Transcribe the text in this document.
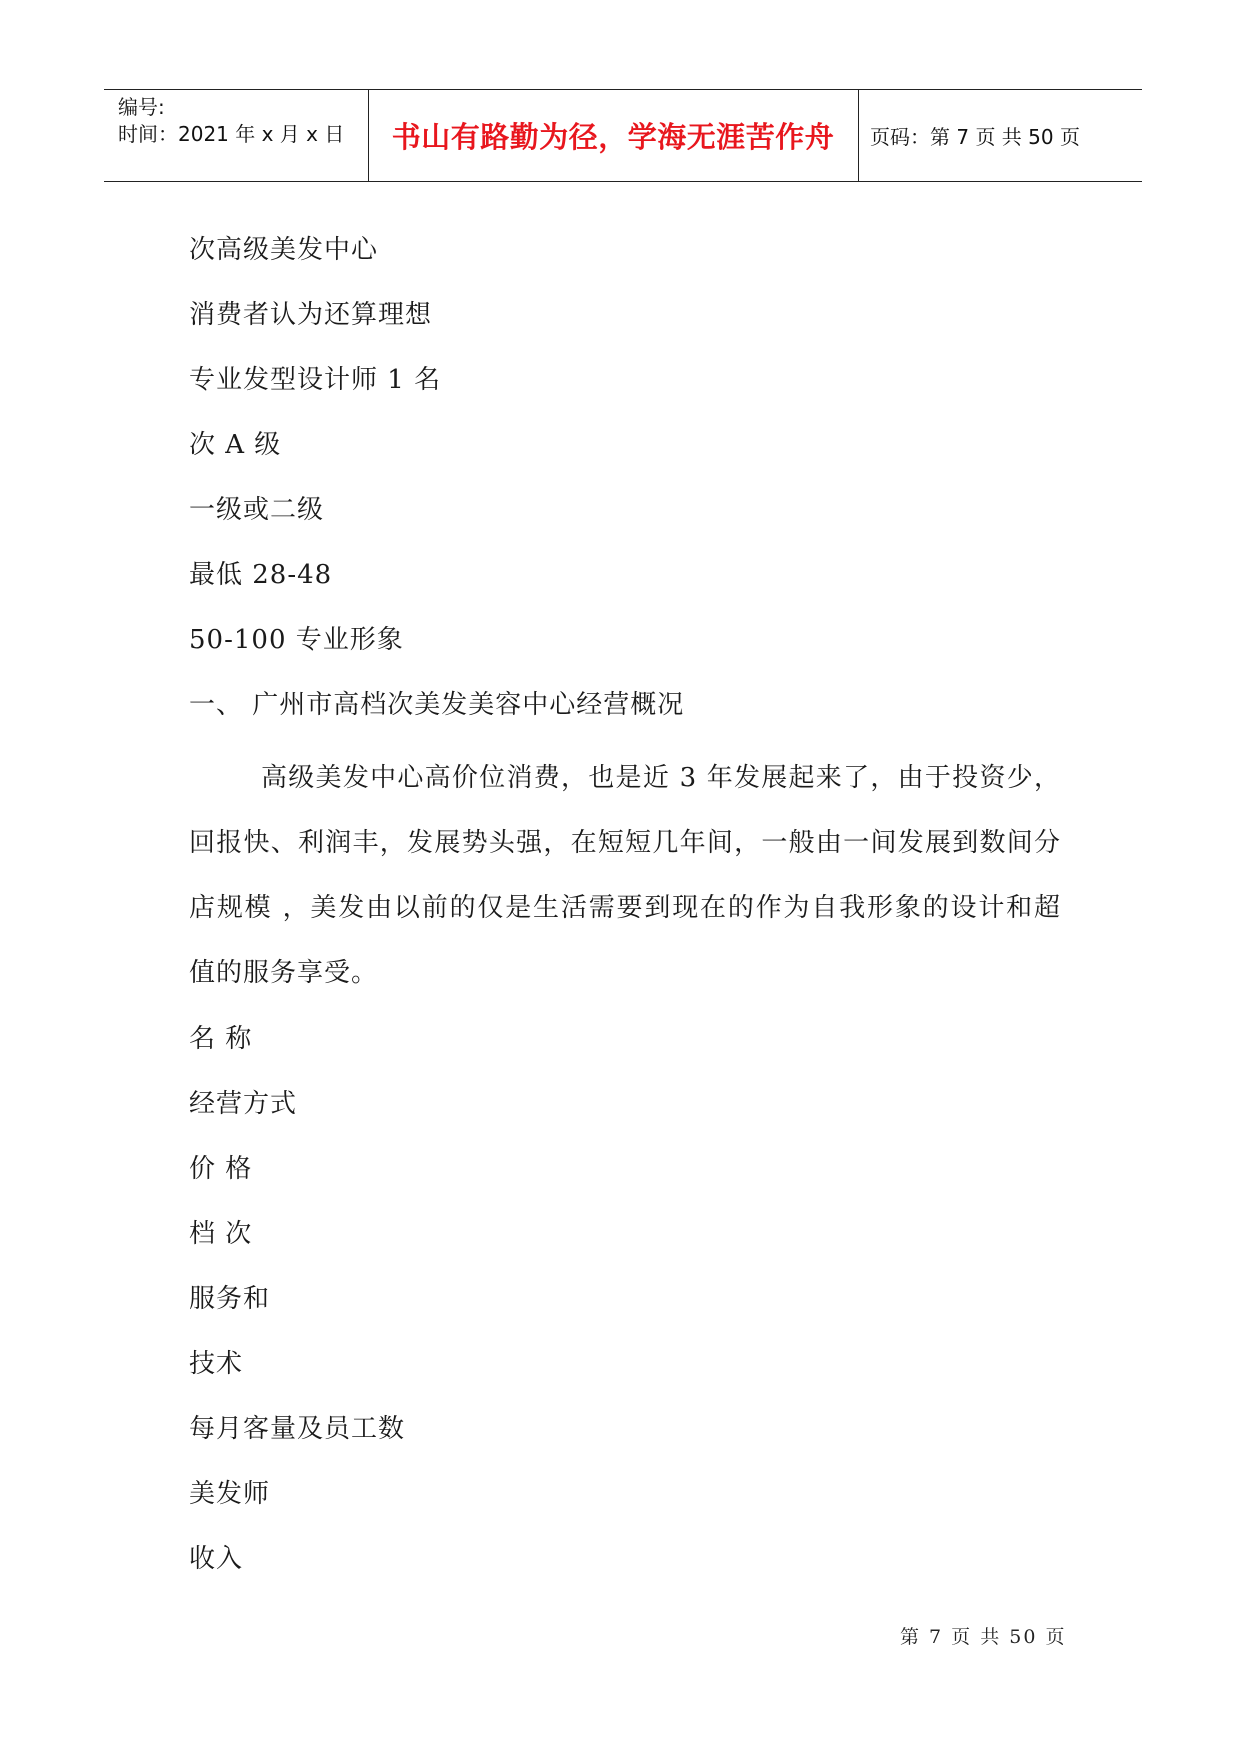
编号:
时间：2021 年 x 月 x 日	书山有路勤为径，学海无涯苦作舟	页码：第 7 页 共 50 页
次高级美发中心
消费者认为还算理想
专业发型设计师 1 名
次 A 级
一级或二级
最低 28-48
50-100 专业形象
一、 广州市高档次美发美容中心经营概况
高级美发中心高价位消费，也是近 3 年发展起来了，由于投资少，回报快、利润丰，发展势头强，在短短几年间，一般由一间发展到数间分店规模 ，美发由以前的仅是生活需要到现在的作为自我形象的设计和超值的服务享受。
名 称
经营方式
价 格
档 次
服务和
技术
每月客量及员工数
美发师
收入
第 7 页 共 50 页
